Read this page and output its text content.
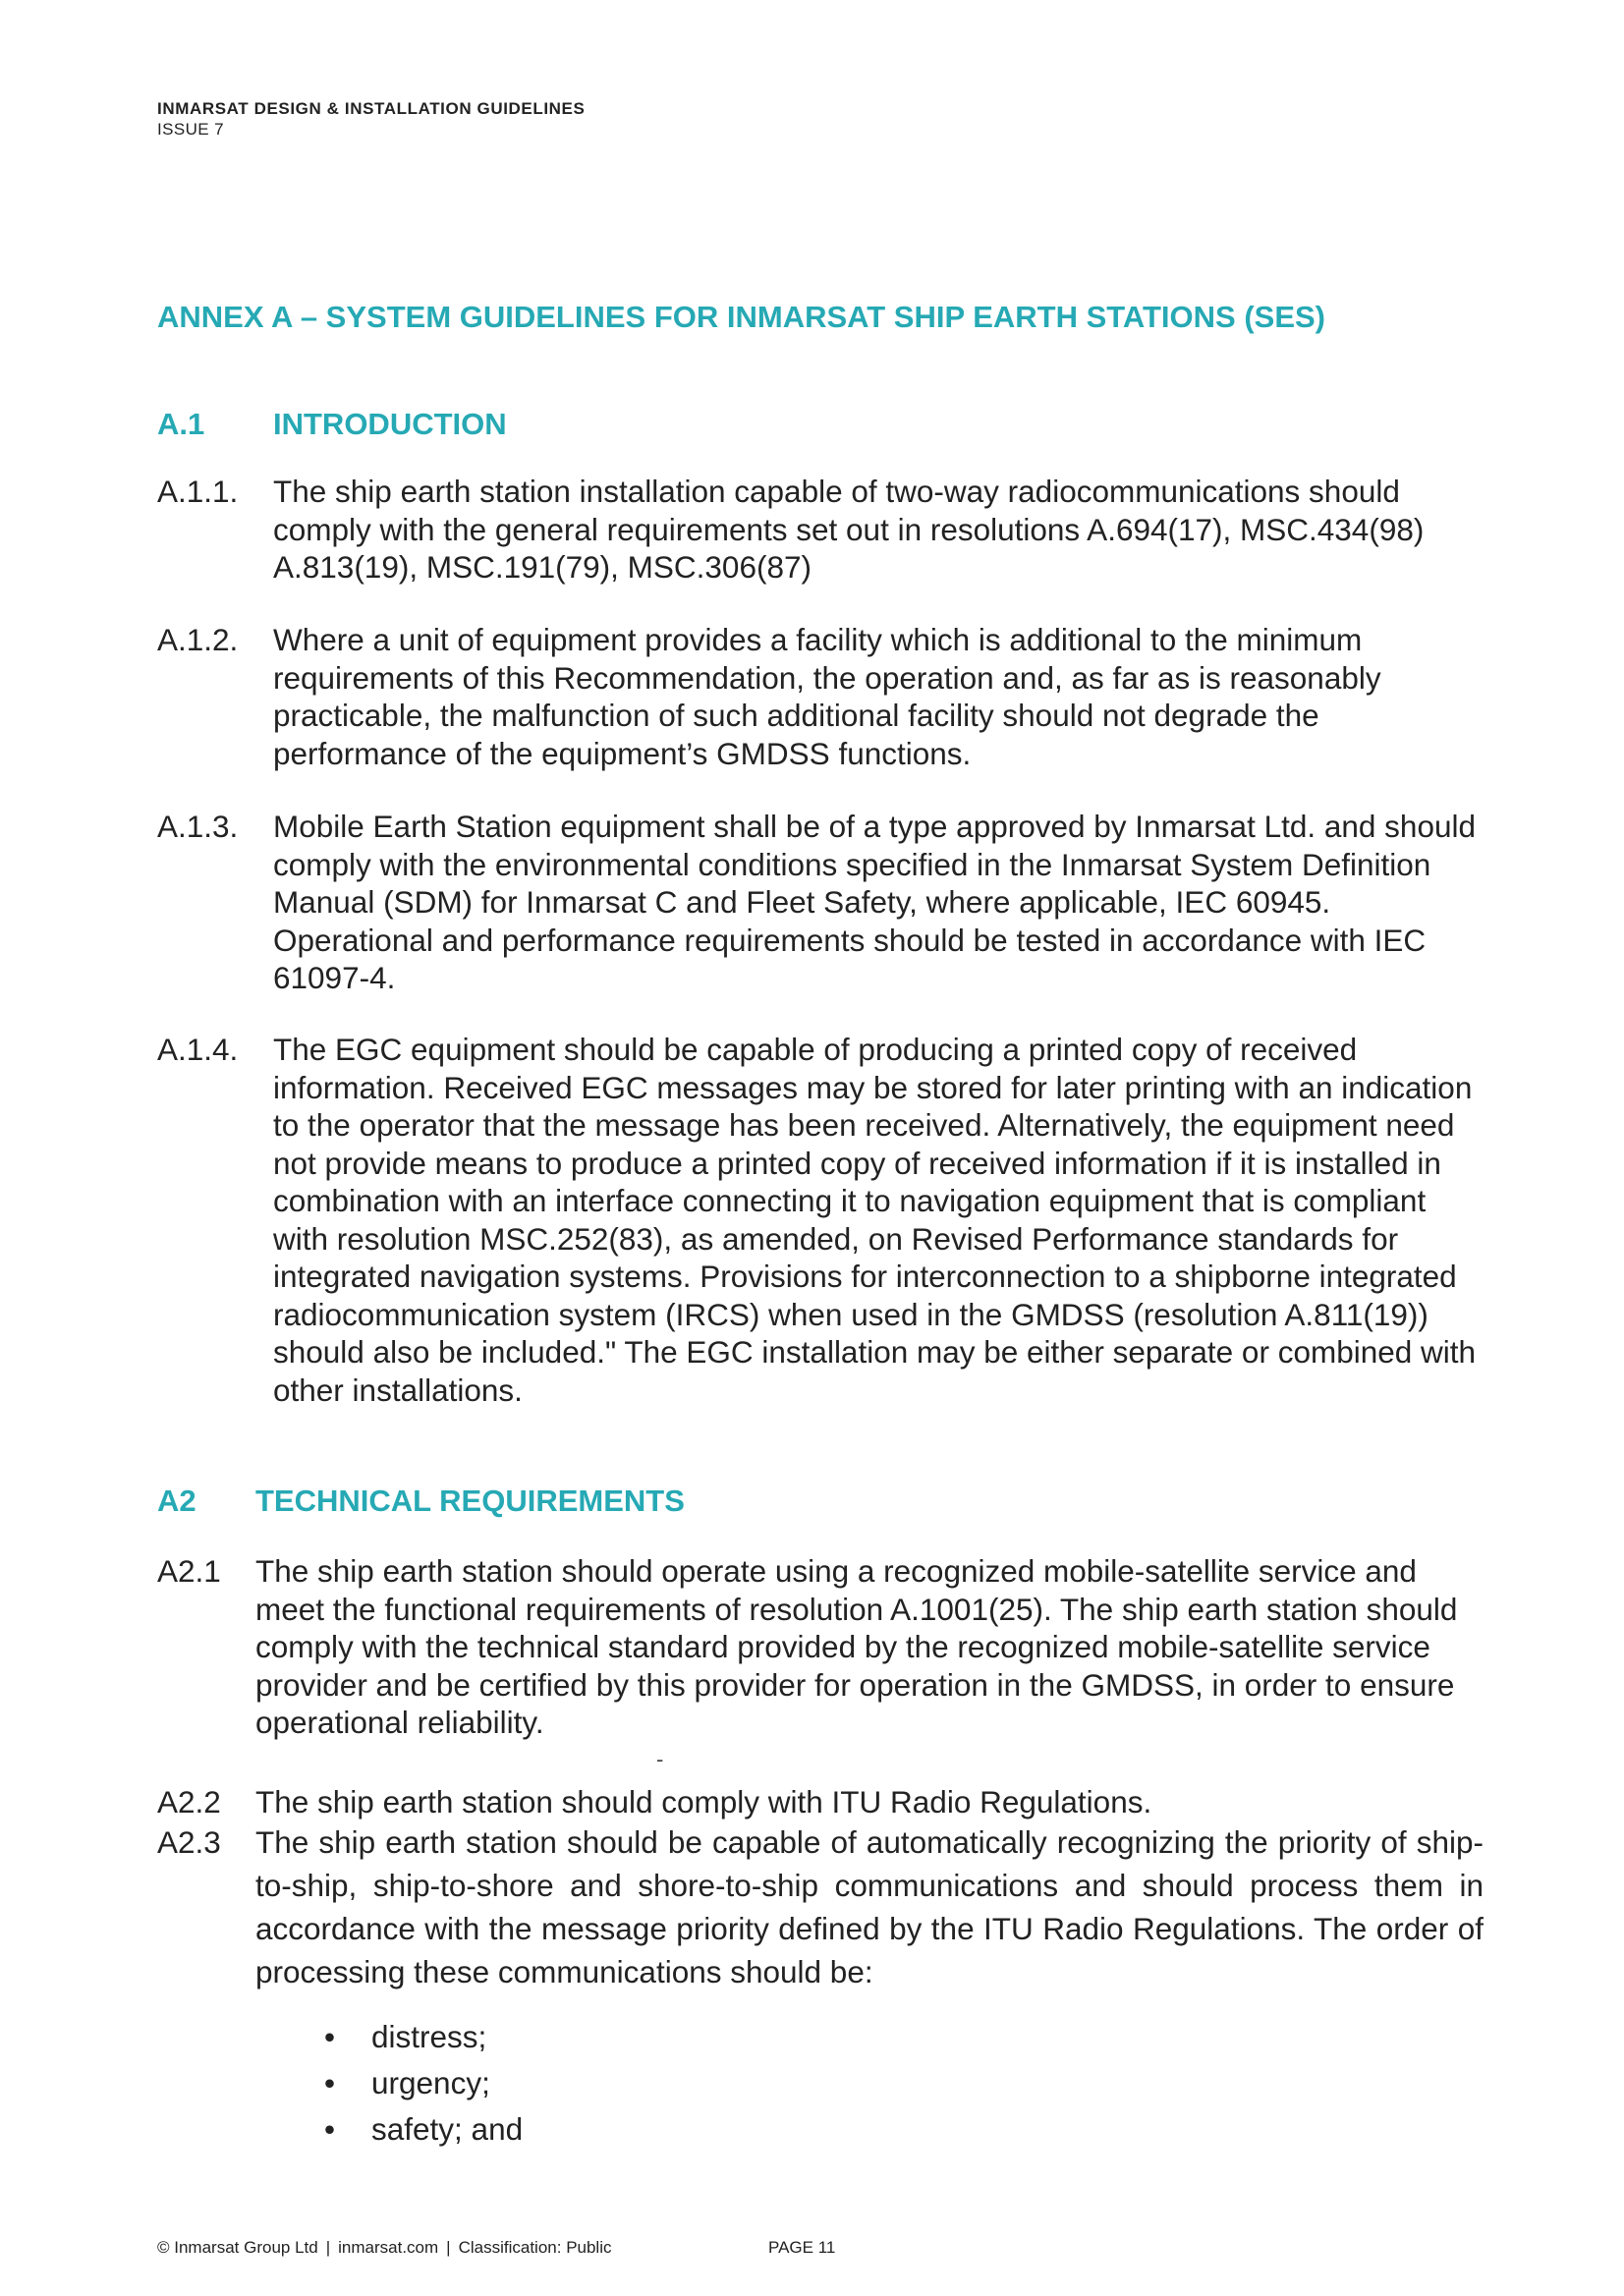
INMARSAT DESIGN & INSTALLATION GUIDELINES
ISSUE 7
ANNEX A – SYSTEM GUIDELINES FOR INMARSAT SHIP EARTH STATIONS (SES)
A.1 INTRODUCTION
A.1.1. The ship earth station installation capable of two-way radiocommunications should comply with the general requirements set out in resolutions A.694(17), MSC.434(98) A.813(19), MSC.191(79), MSC.306(87)
A.1.2. Where a unit of equipment provides a facility which is additional to the minimum requirements of this Recommendation, the operation and, as far as is reasonably practicable, the malfunction of such additional facility should not degrade the performance of the equipment’s GMDSS functions.
A.1.3. Mobile Earth Station equipment shall be of a type approved by Inmarsat Ltd. and should comply with the environmental conditions specified in the Inmarsat System Definition Manual (SDM) for Inmarsat C and Fleet Safety, where applicable, IEC 60945. Operational and performance requirements should be tested in accordance with IEC 61097-4.
A.1.4. The EGC equipment should be capable of producing a printed copy of received information. Received EGC messages may be stored for later printing with an indication to the operator that the message has been received. Alternatively, the equipment need not provide means to produce a printed copy of received information if it is installed in combination with an interface connecting it to navigation equipment that is compliant with resolution MSC.252(83), as amended, on Revised Performance standards for integrated navigation systems. Provisions for interconnection to a shipborne integrated radiocommunication system (IRCS) when used in the GMDSS (resolution A.811(19)) should also be included." The EGC installation may be either separate or combined with other installations.
A2 TECHNICAL REQUIREMENTS
A2.1 The ship earth station should operate using a recognized mobile-satellite service and meet the functional requirements of resolution A.1001(25). The ship earth station should comply with the technical standard provided by the recognized mobile-satellite service provider and be certified by this provider for operation in the GMDSS, in order to ensure operational reliability.
-
A2.2 The ship earth station should comply with ITU Radio Regulations.
A2.3 The ship earth station should be capable of automatically recognizing the priority of ship-to-ship, ship-to-shore and shore-to-ship communications and should process them in accordance with the message priority defined by the ITU Radio Regulations. The order of processing these communications should be:
• distress;
• urgency;
• safety; and
© Inmarsat Group Ltd | inmarsat.com | Classification: Public	PAGE 11
